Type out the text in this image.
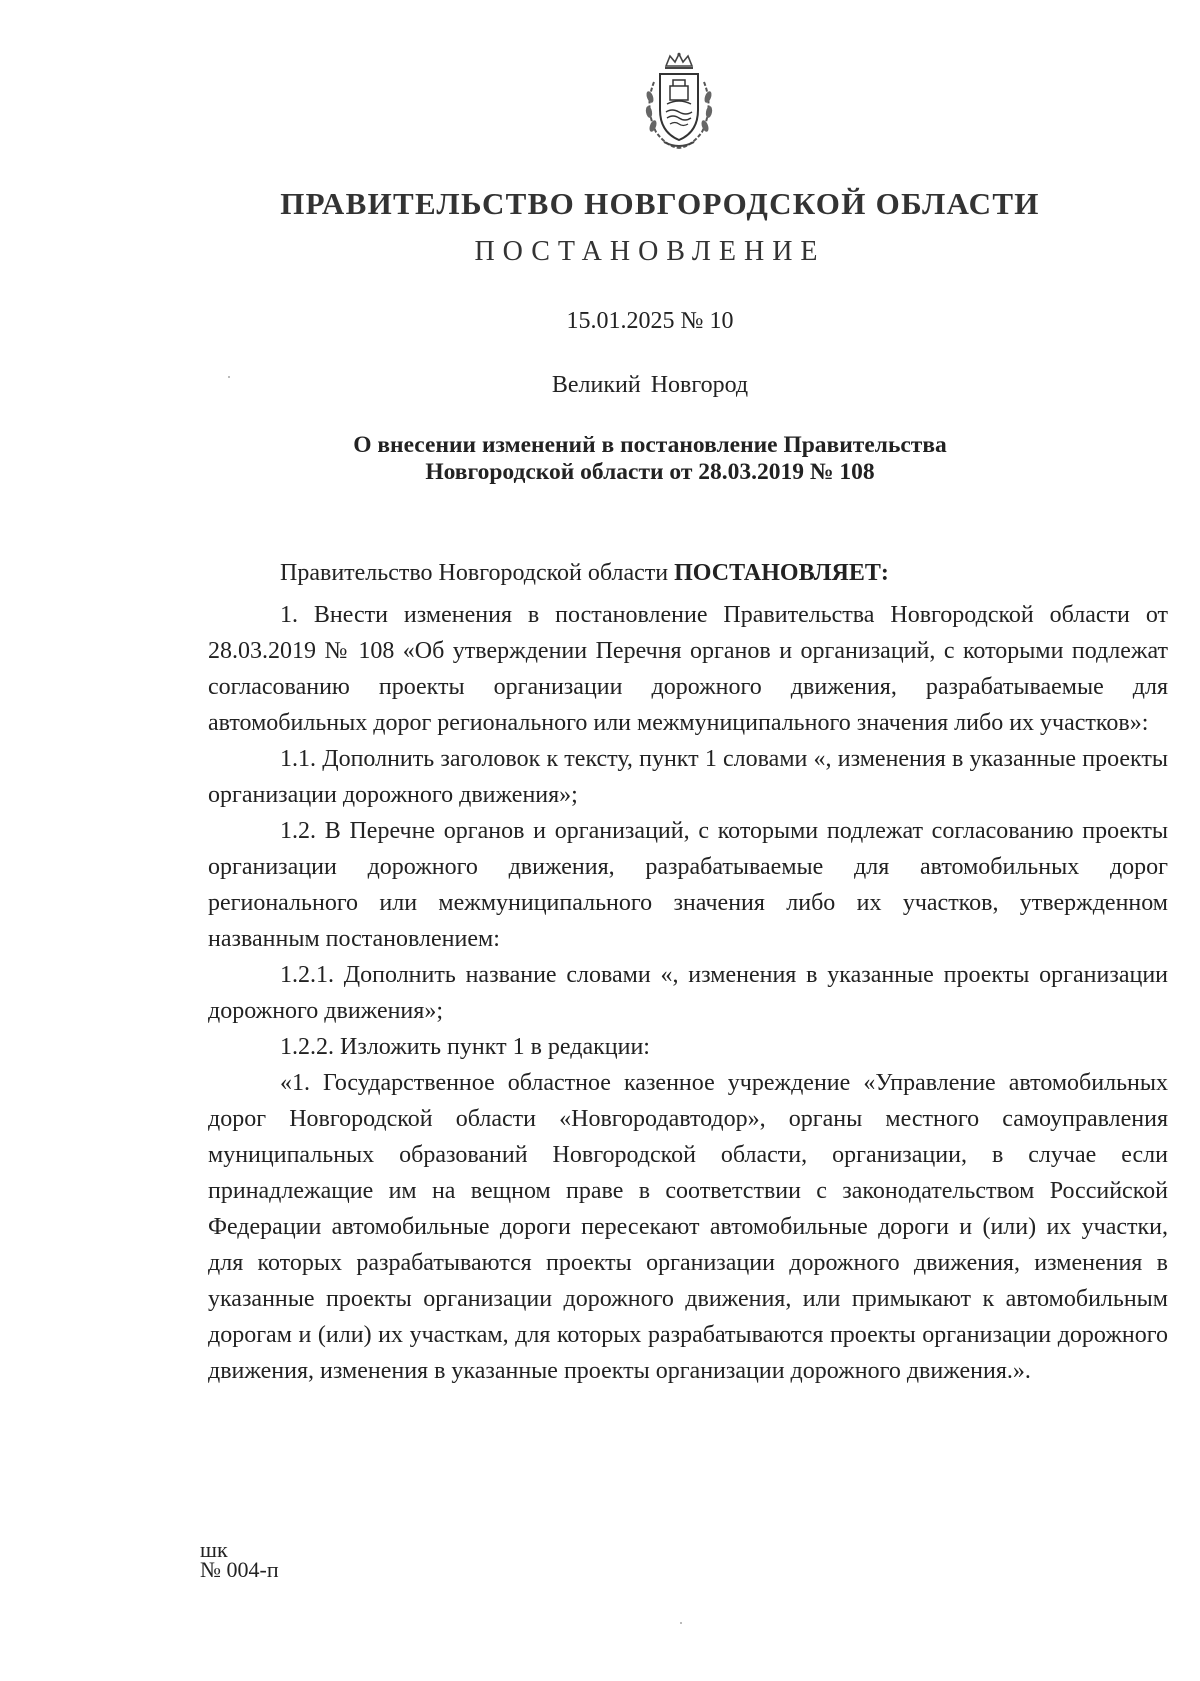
ПРАВИТЕЛЬСТВО НОВГОРОДСКОЙ ОБЛАСТИ
ПОСТАНОВЛЕНИЕ
15.01.2025 № 10
Великий Новгород
О внесении изменений в постановление Правительства
Новгородской области от 28.03.2019 № 108

Правительство Новгородской области ПОСТАНОВЛЯЕТ:

1. Внести изменения в постановление Правительства Новгородской области от 28.03.2019 № 108 «Об утверждении Перечня органов и организаций, с которыми подлежат согласованию проекты организации дорожного движения, разрабатываемые для автомобильных дорог регионального или межмуниципального значения либо их участков»:

1.1. Дополнить заголовок к тексту, пункт 1 словами «, изменения в указанные проекты организации дорожного движения»;

1.2. В Перечне органов и организаций, с которыми подлежат согласованию проекты организации дорожного движения, разрабатываемые для автомобильных дорог регионального или межмуниципального значения либо их участков, утвержденном названным постановлением:

1.2.1. Дополнить название словами «, изменения в указанные проекты организации дорожного движения»;

1.2.2. Изложить пункт 1 в редакции:

«1. Государственное областное казенное учреждение «Управление автомобильных дорог Новгородской области «Новгородавтодор», органы местного самоуправления муниципальных образований Новгородской области, организации, в случае если принадлежащие им на вещном праве в соответствии с законодательством Российской Федерации автомобильные дороги пересекают автомобильные дороги и (или) их участки, для которых разрабатываются проекты организации дорожного движения, изменения в указанные проекты организации дорожного движения, или примыкают к автомобильным дорогам и (или) их участкам, для которых разрабатываются проекты организации дорожного движения, изменения в указанные проекты организации дорожного движения.».

шк
№ 004-п
